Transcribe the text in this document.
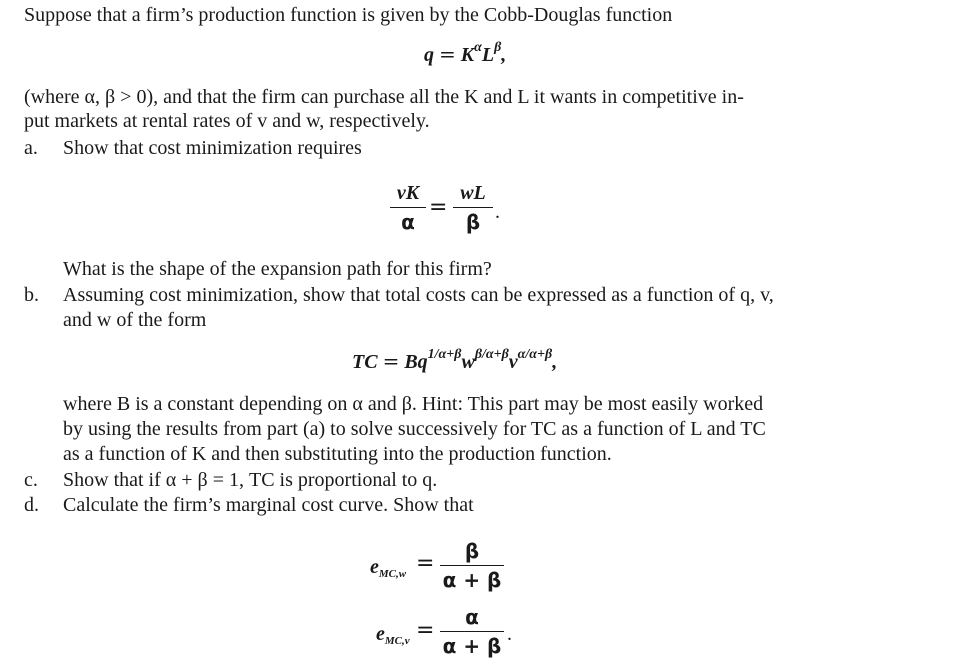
Suppose that a firm’s production function is given by the Cobb-Douglas function
$q = K^\alpha L^\beta$,
(where α, β > 0), and that the firm can purchase all the K and L it wants in competitive in-
put markets at rental rates of v and w, respectively.
a. Show that cost minimization requires
vK
α
=
wL
β .
What is the shape of the expansion path for this firm?
b. Assuming cost minimization, show that total costs can be expressed as a function of q, v,
and w of the form
TC = $Bq^{1/\alpha+\beta}w^{\beta/\alpha+\beta}v^{\alpha/\alpha+\beta}$,
where B is a constant depending on α and β. Hint: This part may be most easily worked
by using the results from part (a) to solve successively for TC as a function of L and TC
as a function of K and then substituting into the production function.
c. Show that if α + β = 1, TC is proportional to q.
d. Calculate the firm’s marginal cost curve. Show that
$e_{MC,w}$ =	β
α + β
$e_{MC,v}$ =
α
α + β .
